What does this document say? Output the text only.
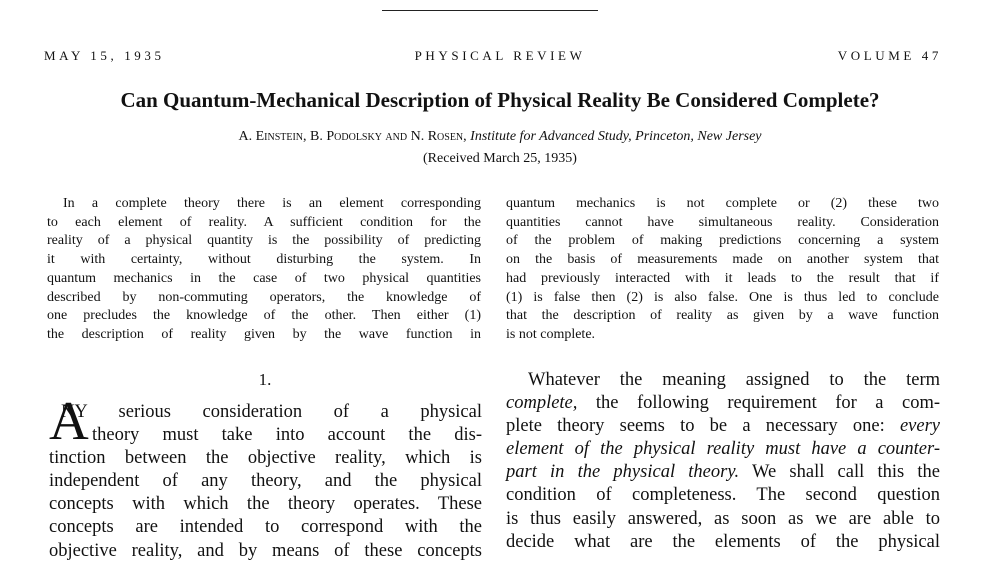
MAY 15, 1935	PHYSICAL REVIEW	VOLUME 47
Can Quantum-Mechanical Description of Physical Reality Be Considered Complete?
A. Einstein, B. Podolsky and N. Rosen, Institute for Advanced Study, Princeton, New Jersey
(Received March 25, 1935)
In a complete theory there is an element corresponding
to each element of reality. A sufficient condition for the
reality of a physical quantity is the possibility of predicting
it with certainty, without disturbing the system. In
quantum mechanics in the case of two physical quantities
described by non-commuting operators, the knowledge of
one precludes the knowledge of the other. Then either (1)
the description of reality given by the wave function in
quantum mechanics is not complete or (2) these two
quantities cannot have simultaneous reality. Consideration
of the problem of making predictions concerning a system
on the basis of measurements made on another system that
had previously interacted with it leads to the result that if
(1) is false then (2) is also false. One is thus led to conclude
that the description of reality as given by a wave function
is not complete.
1.
A
NY serious consideration of a physical
theory must take into account the dis-
tinction between the objective reality, which is
independent of any theory, and the physical
concepts with which the theory operates. These
concepts are intended to correspond with the
objective reality, and by means of these concepts
Whatever the meaning assigned to the term
complete, the following requirement for a com-
plete theory seems to be a necessary one: every
element of the physical reality must have a counter-
part in the physical theory. We shall call this the
condition of completeness. The second question
is thus easily answered, as soon as we are able to
decide what are the elements of the physical
